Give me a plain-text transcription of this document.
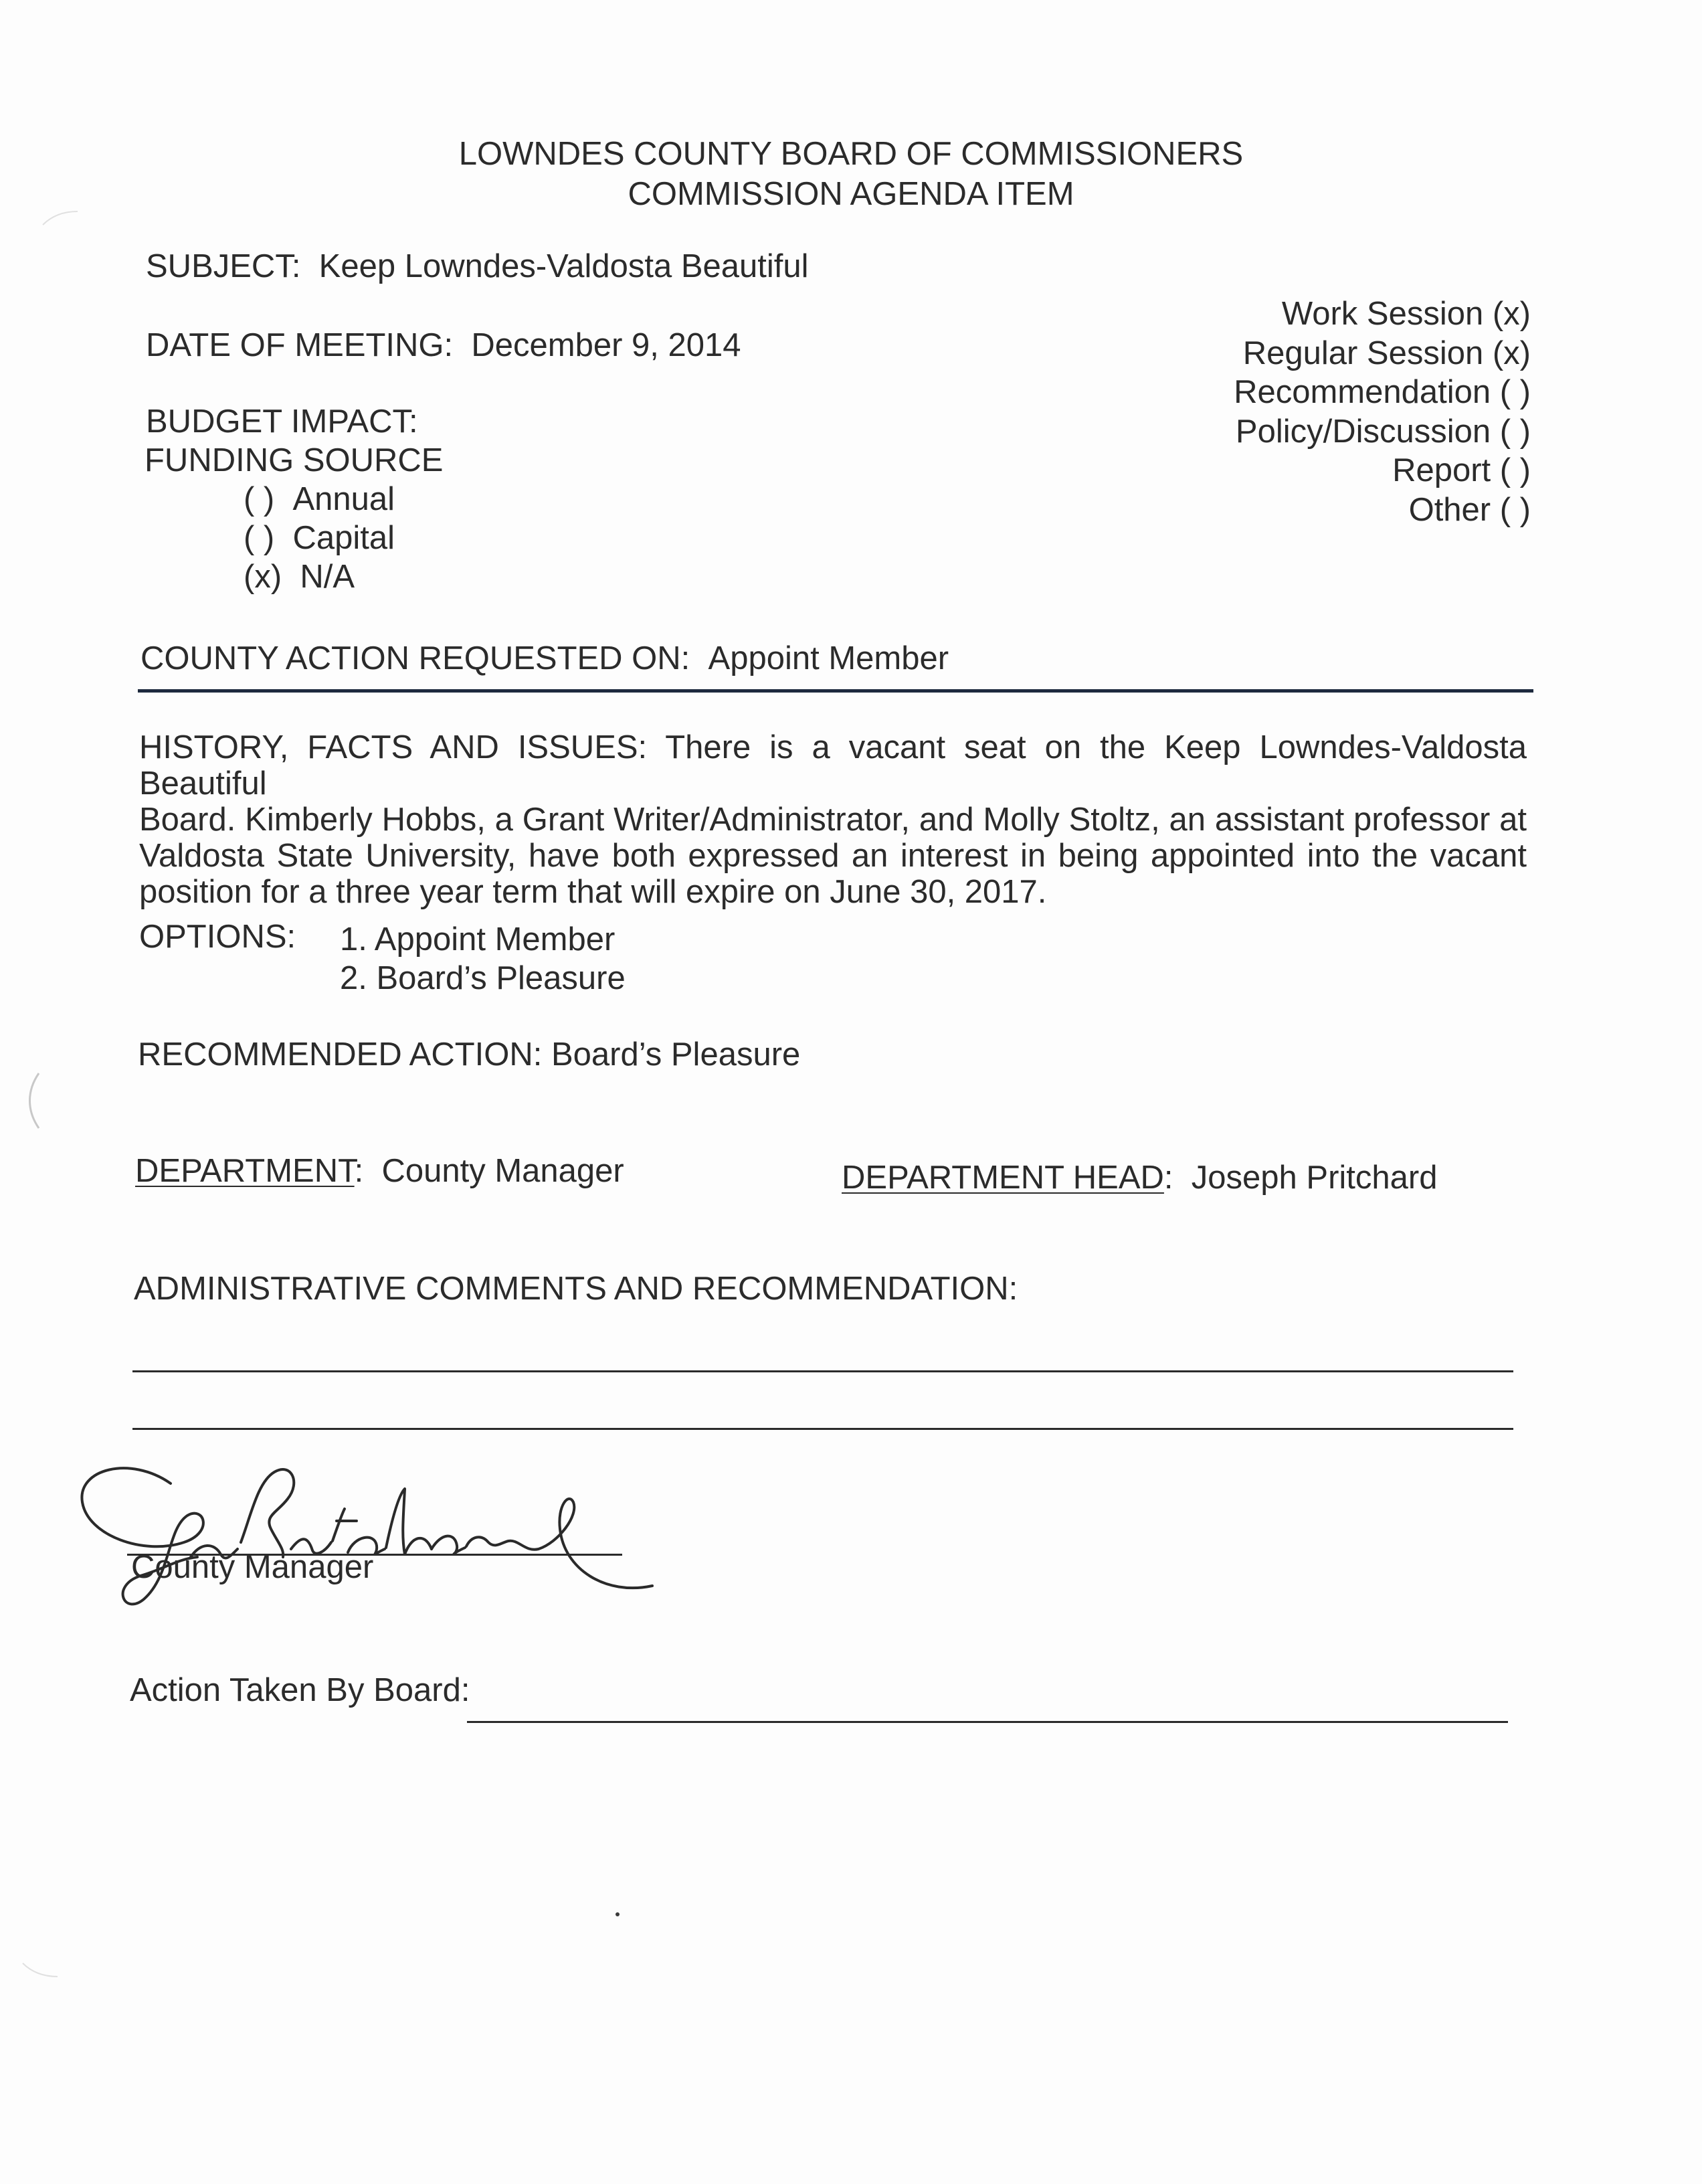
LOWNDES COUNTY BOARD OF COMMISSIONERS
COMMISSION AGENDA ITEM
SUBJECT: Keep Lowndes-Valdosta Beautiful
DATE OF MEETING: December 9, 2014
BUDGET IMPACT:
FUNDING SOURCE
( ) Annual
( ) Capital
(x) N/A
Work Session (x)
Regular Session (x)
Recommendation ( )
Policy/Discussion ( )
Report ( )
Other ( )
COUNTY ACTION REQUESTED ON: Appoint Member
HISTORY, FACTS AND ISSUES: There is a vacant seat on the Keep Lowndes-Valdosta Beautiful
Board. Kimberly Hobbs, a Grant Writer/Administrator, and Molly Stoltz, an assistant professor at
Valdosta State University, have both expressed an interest in being appointed into the vacant
position for a three year term that will expire on June 30, 2017.
OPTIONS: 1. Appoint Member
2. Board’s Pleasure
RECOMMENDED ACTION: Board’s Pleasure
DEPARTMENT:  County Manager	DEPARTMENT HEAD:  Joseph Pritchard
ADMINISTRATIVE COMMENTS AND RECOMMENDATION:
County Manager
Action Taken By Board:
